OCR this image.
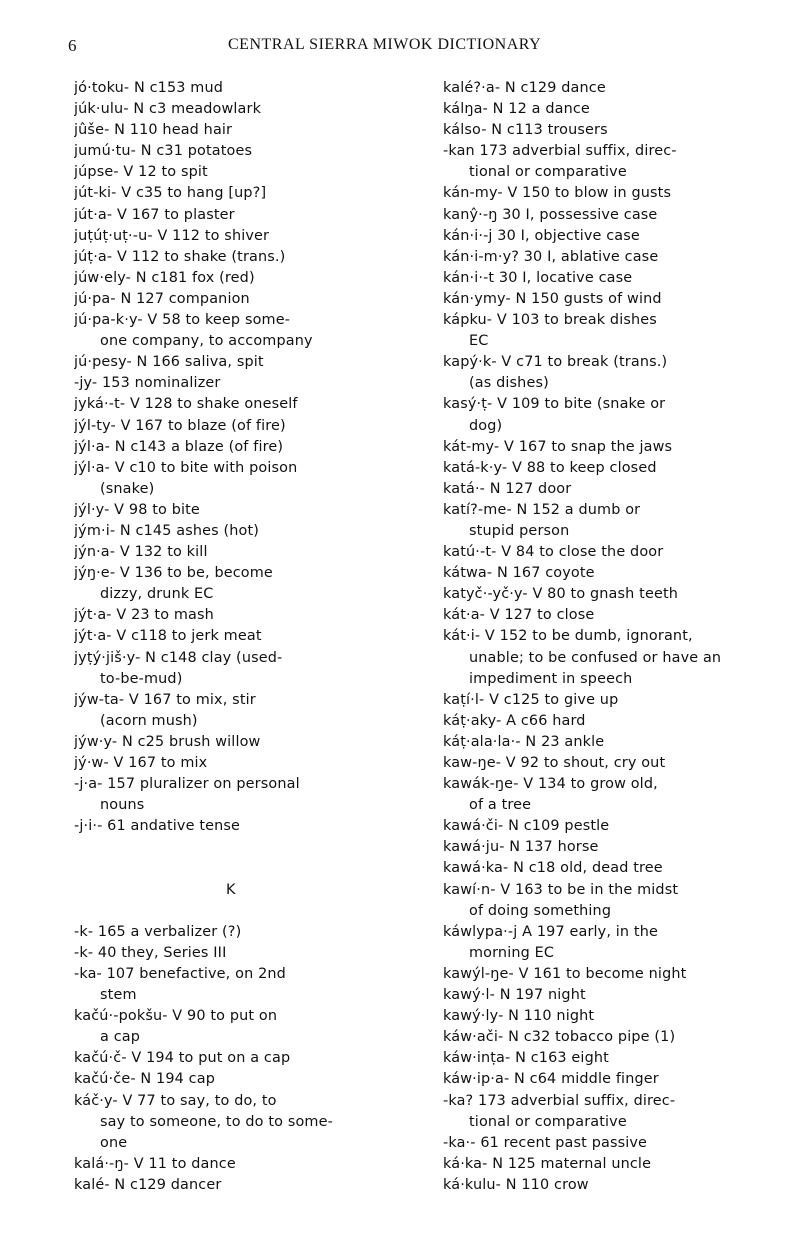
6	CENTRAL SIERRA MIWOK DICTIONARY
jó·toku- N c153 mud
júk·ulu- N c3 meadowlark
jûše- N 110 head hair
jumú·tu- N c31 potatoes
júpse- V 12 to spit
jút-ki- V c35 to hang [up?]
jút·a- V 167 to plaster
juṭúṭ·uṭ·-u- V 112 to shiver
júṭ·a- V 112 to shake (trans.)
júw·ely- N c181 fox (red)
jú·pa- N 127 companion
jú·pa-k·y- V 58 to keep some-
one company, to accompany
jú·pesy- N 166 saliva, spit
-jy- 153 nominalizer
jyká·-t- V 128 to shake oneself
jýl-ty- V 167 to blaze (of fire)
jýl·a- N c143 a blaze (of fire)
jýl·a- V c10 to bite with poison
(snake)
jýl·y- V 98 to bite
jým·i- N c145 ashes (hot)
jýn·a- V 132 to kill
jýŋ·e- V 136 to be, become
dizzy, drunk EC
jýt·a- V 23 to mash
jýt·a- V c118 to jerk meat
jyṭý·jiš·y- N c148 clay (used-
to-be-mud)
jýw-ta- V 167 to mix, stir
(acorn mush)
jýw·y- N c25 brush willow
jý·w- V 167 to mix
-j·a- 157 pluralizer on personal
nouns
-j·i·- 61 andative tense
K
-k- 165 a verbalizer (?)
-k- 40 they, Series III
-ka- 107 benefactive, on 2nd
stem
kačú·-pokšu- V 90 to put on
a cap
kačú·č- V 194 to put on a cap
kačú·če- N 194 cap
káč·y- V 77 to say, to do, to
say to someone, to do to some-
one
kalá·-ŋ- V 11 to dance
kalé- N c129 dancer
kalé?·a- N c129 dance
kálŋa- N 12 a dance
kálso- N c113 trousers
-kan 173 adverbial suffix, direc-
tional or comparative
kán-my- V 150 to blow in gusts
kanŷ·-ŋ 30 I, possessive case
kán·i·-j 30 I, objective case
kán·i-m·y? 30 I, ablative case
kán·i·-t 30 I, locative case
kán·ymy- N 150 gusts of wind
kápku- V 103 to break dishes
EC
kapý·k- V c71 to break (trans.)
(as dishes)
kasý·ṭ- V 109 to bite (snake or
dog)
kát-my- V 167 to snap the jaws
katá-k·y- V 88 to keep closed
katá·- N 127 door
katí?-me- N 152 a dumb or
stupid person
katú·-t- V 84 to close the door
kátwa- N 167 coyote
katyč·-yč·y- V 80 to gnash teeth
kát·a- V 127 to close
kát·i- V 152 to be dumb, ignorant,
unable; to be confused or have an
impediment in speech
kaṭí·l- V c125 to give up
káṭ·aky- A c66 hard
káṭ·ala·la·- N 23 ankle
kaw-ŋe- V 92 to shout, cry out
kawák-ŋe- V 134 to grow old,
of a tree
kawá·či- N c109 pestle
kawá·ju- N 137 horse
kawá·ka- N c18 old, dead tree
kawí·n- V 163 to be in the midst
of doing something
káwlypa·-j A 197 early, in the
morning EC
kawýl-ŋe- V 161 to become night
kawý·l- N 197 night
kawý·ly- N 110 night
káw·ači- N c32 tobacco pipe (1)
káw·inṭa- N c163 eight
káw·ip·a- N c64 middle finger
-ka? 173 adverbial suffix, direc-
tional or comparative
-ka·- 61 recent past passive
ká·ka- N 125 maternal uncle
ká·kulu- N 110 crow
